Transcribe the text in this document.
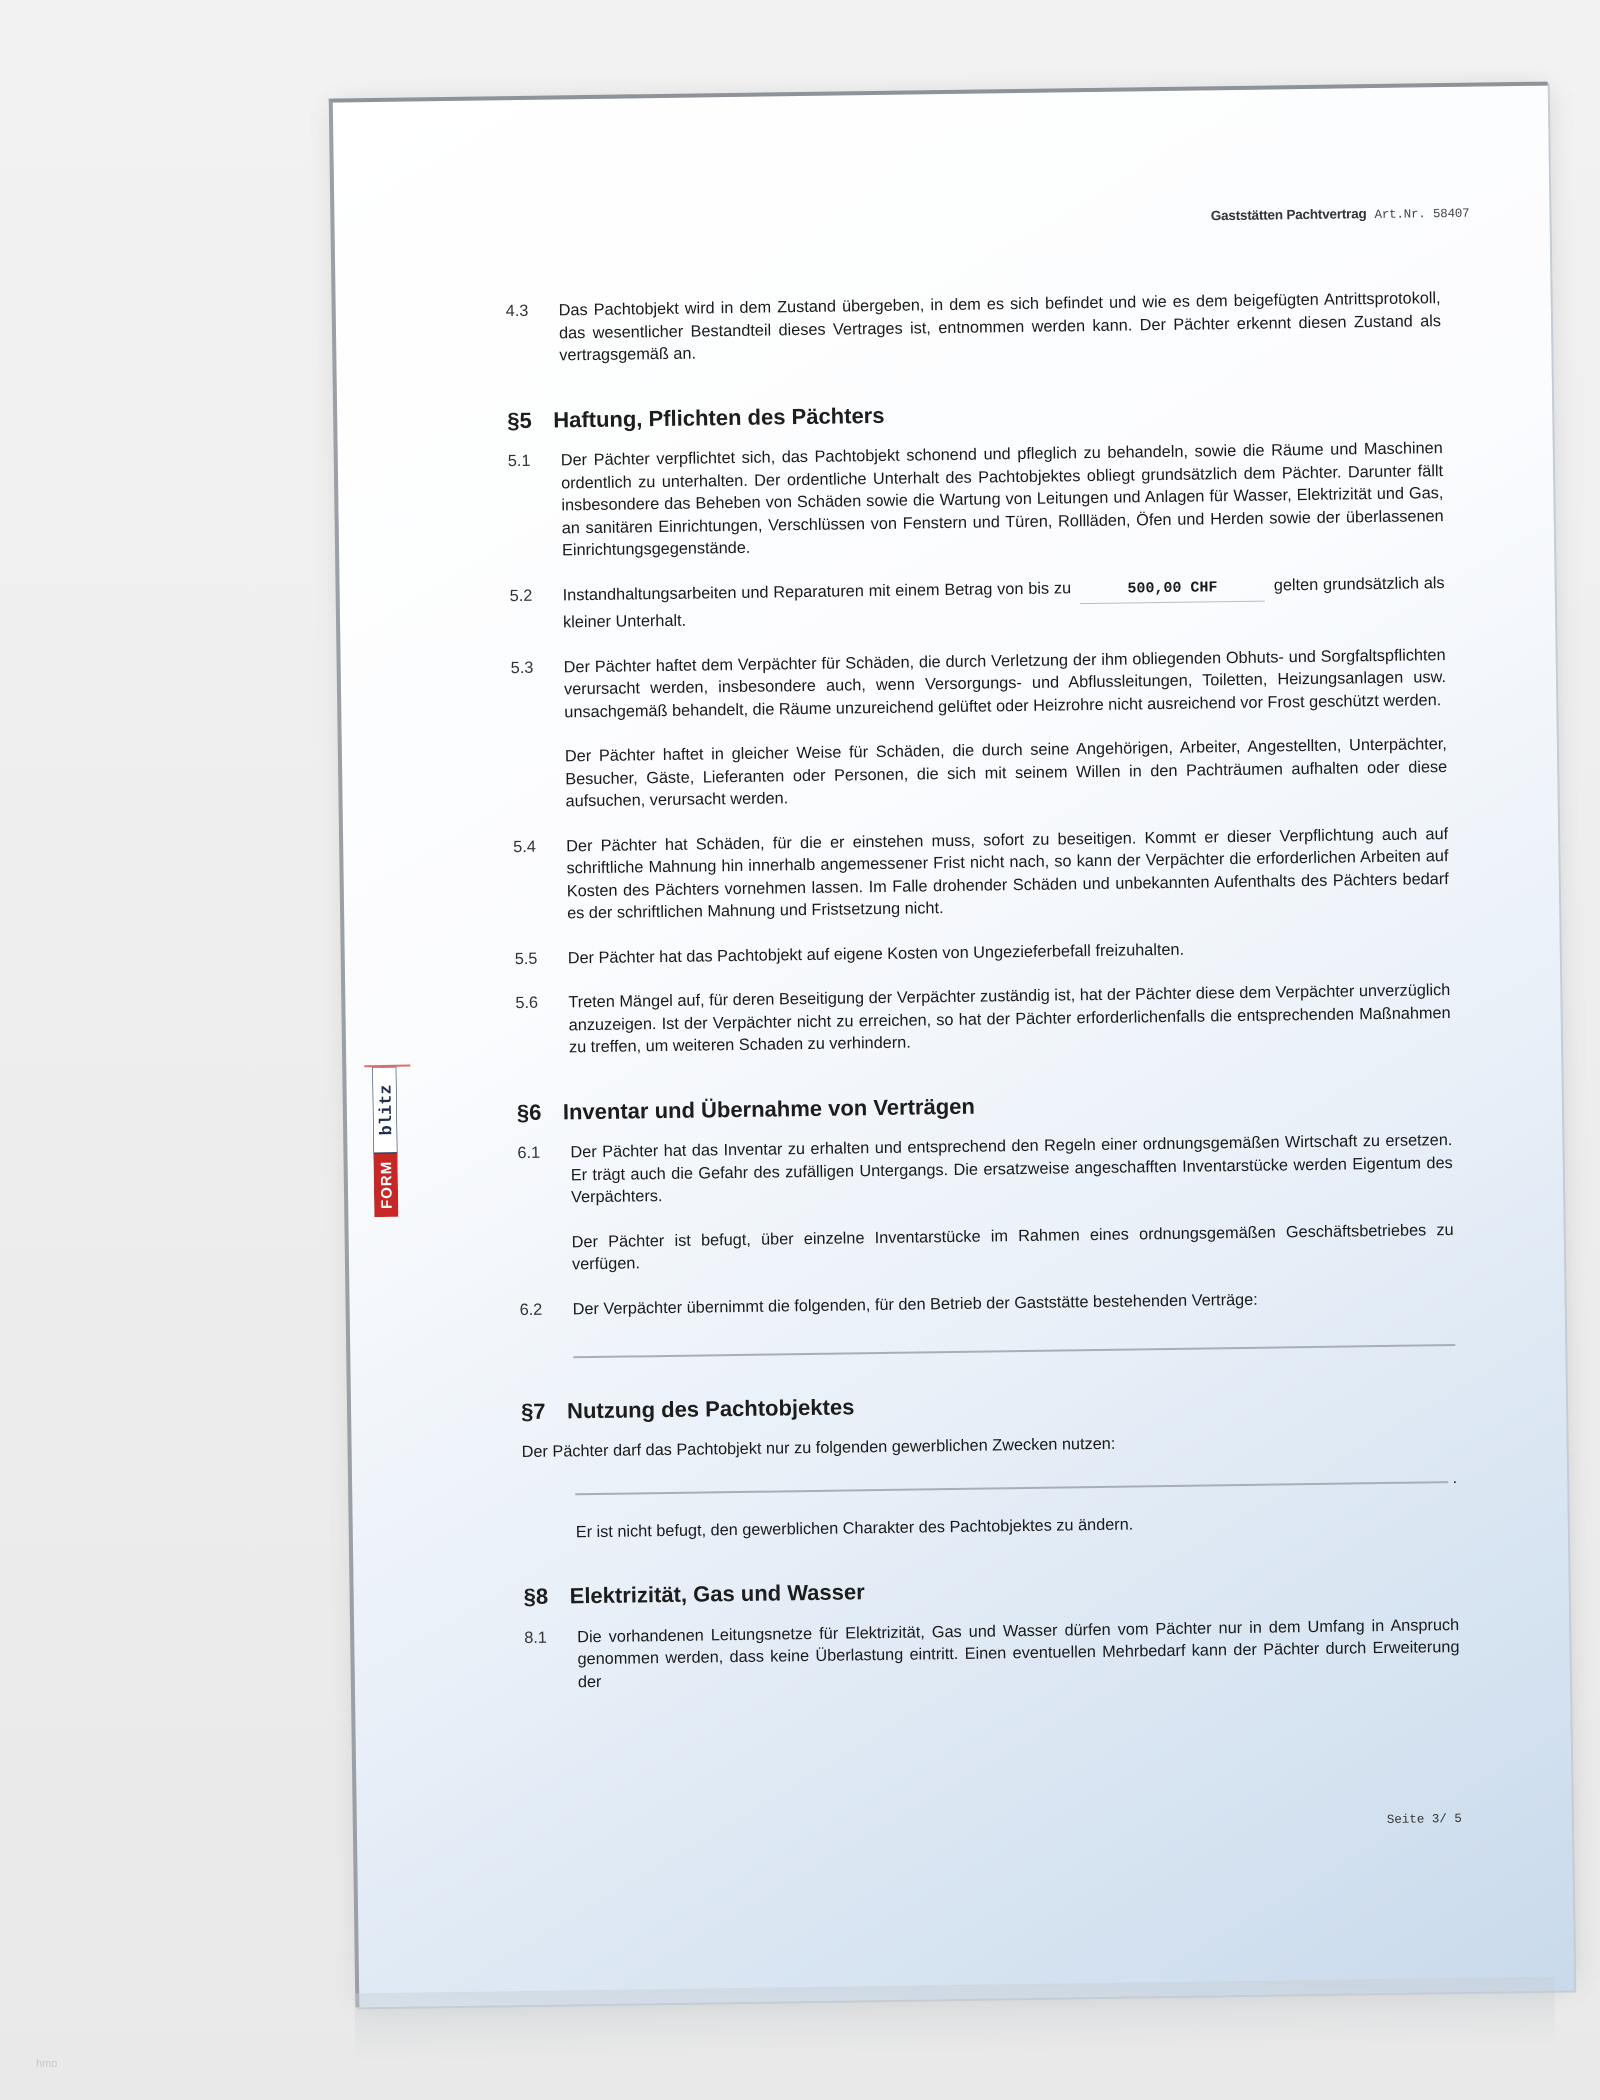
Gaststätten Pachtvertrag Art.Nr. 58407
FORM
blitz
4.3	Das Pachtobjekt wird in dem Zustand übergeben, in dem es sich befindet und wie es dem beigefügten Antrittsprotokoll, das wesentlicher Bestandteil dieses Vertrages ist, entnommen werden kann. Der Pächter erkennt diesen Zustand als vertragsgemäß an.
§5 Haftung, Pflichten des Pächters
5.1	Der Pächter verpflichtet sich, das Pachtobjekt schonend und pfleglich zu behandeln, sowie die Räume und Maschinen ordentlich zu unterhalten. Der ordentliche Unterhalt des Pachtobjektes obliegt grundsätzlich dem Pächter. Darunter fällt insbesondere das Beheben von Schäden sowie die Wartung von Leitungen und Anlagen für Wasser, Elektrizität und Gas, an sanitären Einrichtungen, Verschlüssen von Fenstern und Türen, Rollläden, Öfen und Herden sowie der überlassenen Einrichtungsgegenstände.
5.2	Instandhaltungsarbeiten und Reparaturen mit einem Betrag von bis zu	500,00 CHF	gelten grundsätzlich als kleiner Unterhalt.
5.3	Der Pächter haftet dem Verpächter für Schäden, die durch Verletzung der ihm obliegenden Obhuts- und Sorgfaltspflichten verursacht werden, insbesondere auch, wenn Versorgungs- und Abflussleitungen, Toiletten, Heizungsanlagen usw. unsachgemäß behandelt, die Räume unzureichend gelüftet oder Heizrohre nicht ausreichend vor Frost geschützt werden.
Der Pächter haftet in gleicher Weise für Schäden, die durch seine Angehörigen, Arbeiter, Angestellten, Unterpächter, Besucher, Gäste, Lieferanten oder Personen, die sich mit seinem Willen in den Pachträumen aufhalten oder diese aufsuchen, verursacht werden.
5.4	Der Pächter hat Schäden, für die er einstehen muss, sofort zu beseitigen. Kommt er dieser Verpflichtung auch auf schriftliche Mahnung hin innerhalb angemessener Frist nicht nach, so kann der Verpächter die erforderlichen Arbeiten auf Kosten des Pächters vornehmen lassen. Im Falle drohender Schäden und unbekannten Aufenthalts des Pächters bedarf es der schriftlichen Mahnung und Fristsetzung nicht.
5.5	Der Pächter hat das Pachtobjekt auf eigene Kosten von Ungezieferbefall freizuhalten.
5.6	Treten Mängel auf, für deren Beseitigung der Verpächter zuständig ist, hat der Pächter diese dem Verpächter unverzüglich anzuzeigen. Ist der Verpächter nicht zu erreichen, so hat der Pächter erforderlichenfalls die entsprechenden Maßnahmen zu treffen, um weiteren Schaden zu verhindern.
§6 Inventar und Übernahme von Verträgen
6.1	Der Pächter hat das Inventar zu erhalten und entsprechend den Regeln einer ordnungsgemäßen Wirtschaft zu ersetzen. Er trägt auch die Gefahr des zufälligen Untergangs. Die ersatzweise angeschafften Inventarstücke werden Eigentum des Verpächters.
Der Pächter ist befugt, über einzelne Inventarstücke im Rahmen eines ordnungsgemäßen Geschäftsbetriebes zu verfügen.
6.2	Der Verpächter übernimmt die folgenden, für den Betrieb der Gaststätte bestehenden Verträge:
§7 Nutzung des Pachtobjektes
Der Pächter darf das Pachtobjekt nur zu folgenden gewerblichen Zwecken nutzen:
.
Er ist nicht befugt, den gewerblichen Charakter des Pachtobjektes zu ändern.
§8 Elektrizität, Gas und Wasser
8.1	Die vorhandenen Leitungsnetze für Elektrizität, Gas und Wasser dürfen vom Pächter nur in dem Umfang in Anspruch genommen werden, dass keine Überlastung eintritt. Einen eventuellen Mehrbedarf kann der Pächter durch Erweiterung der
Seite 3/ 5
hmo
